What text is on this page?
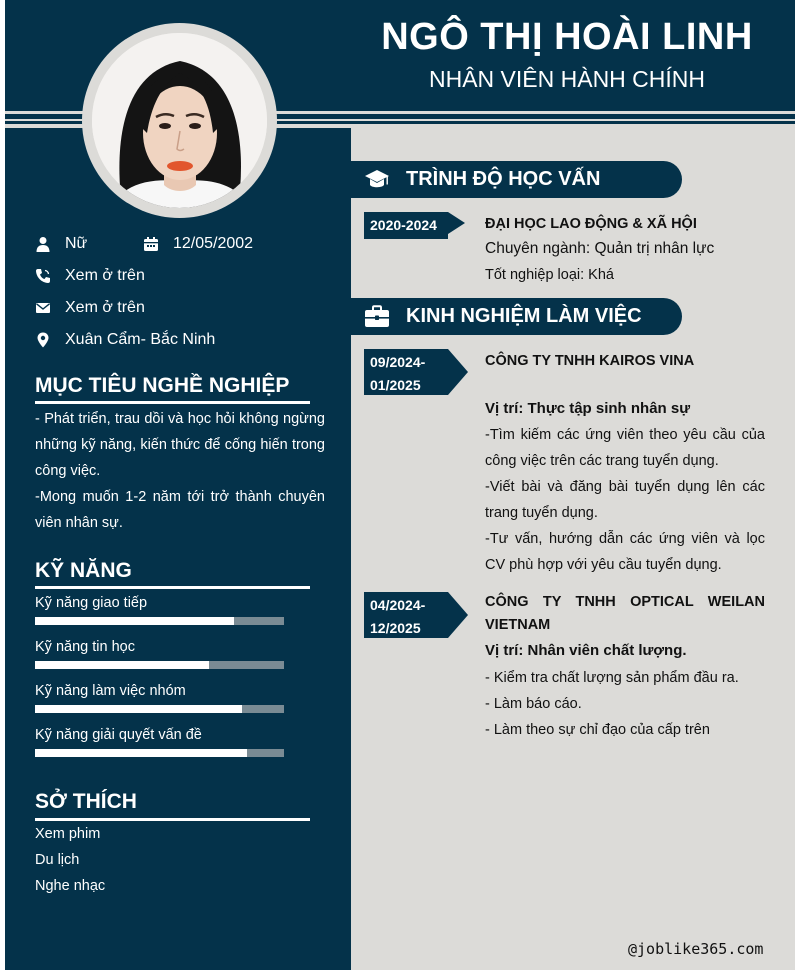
NGÔ THỊ HOÀI LINH
NHÂN VIÊN HÀNH CHÍNH
Nữ	12/05/2002
Xem ở trên
Xem ở trên
Xuân Cẩm- Bắc Ninh
MỤC TIÊU NGHỀ NGHIỆP
- Phát triển, trau dồi và học hỏi không ngừng những kỹ năng, kiến thức để cống hiến trong công việc.
-Mong muốn 1-2 năm tới trở thành chuyên viên nhân sự.
KỸ NĂNG
Kỹ năng giao tiếp
Kỹ năng tin học
Kỹ năng làm việc nhóm
Kỹ năng giải quyết vấn đề
SỞ THÍCH
Xem phim
Du lịch
Nghe nhạc
TRÌNH ĐỘ HỌC VẤN
2020-2024	ĐẠI HỌC LAO ĐỘNG & XÃ HỘI
Chuyên ngành: Quản trị nhân lực
Tốt nghiệp loại: Khá
KINH NGHIỆM LÀM VIỆC
09/2024-
01/2025
CÔNG TY TNHH KAIROS VINA
Vị trí: Thực tập sinh nhân sự
-Tìm kiếm các ứng viên theo yêu cầu của công việc trên các trang tuyển dụng.
-Viết bài và đăng bài tuyển dụng lên các trang tuyển dụng.
-Tư vấn, hướng dẫn các ứng viên và lọc CV phù hợp với yêu cầu tuyển dụng.
04/2024-
12/2025
CÔNG TY TNHH OPTICAL WEILAN VIETNAM
Vị trí: Nhân viên chất lượng.
- Kiểm tra chất lượng sản phẩm đầu ra.
- Làm báo cáo.
- Làm theo sự chỉ đạo của cấp trên
@joblike365.com
